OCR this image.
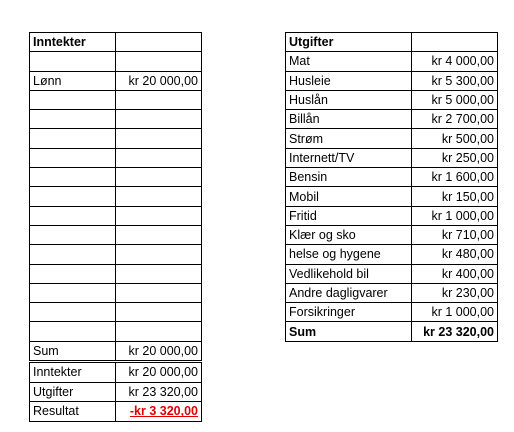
Inntekter	

Lønn	kr 20 000,00

Sum	kr 20 000,00
Utgifter	
Mat	kr 4 000,00
Husleie	kr 5 300,00
Huslån	kr 5 000,00
Billån	kr 2 700,00
Strøm	kr 500,00
Internett/TV	kr 250,00
Bensin	kr 1 600,00
Mobil	kr 150,00
Fritid	kr 1 000,00
Klær og sko	kr 710,00
helse og hygene	kr 480,00
Vedlikehold bil	kr 400,00
Andre dagligvarer	kr 230,00
Forsikringer	kr 1 000,00
Sum	kr 23 320,00
Inntekter	kr 20 000,00
Utgifter	kr 23 320,00
Resultat	-kr 3 320,00
